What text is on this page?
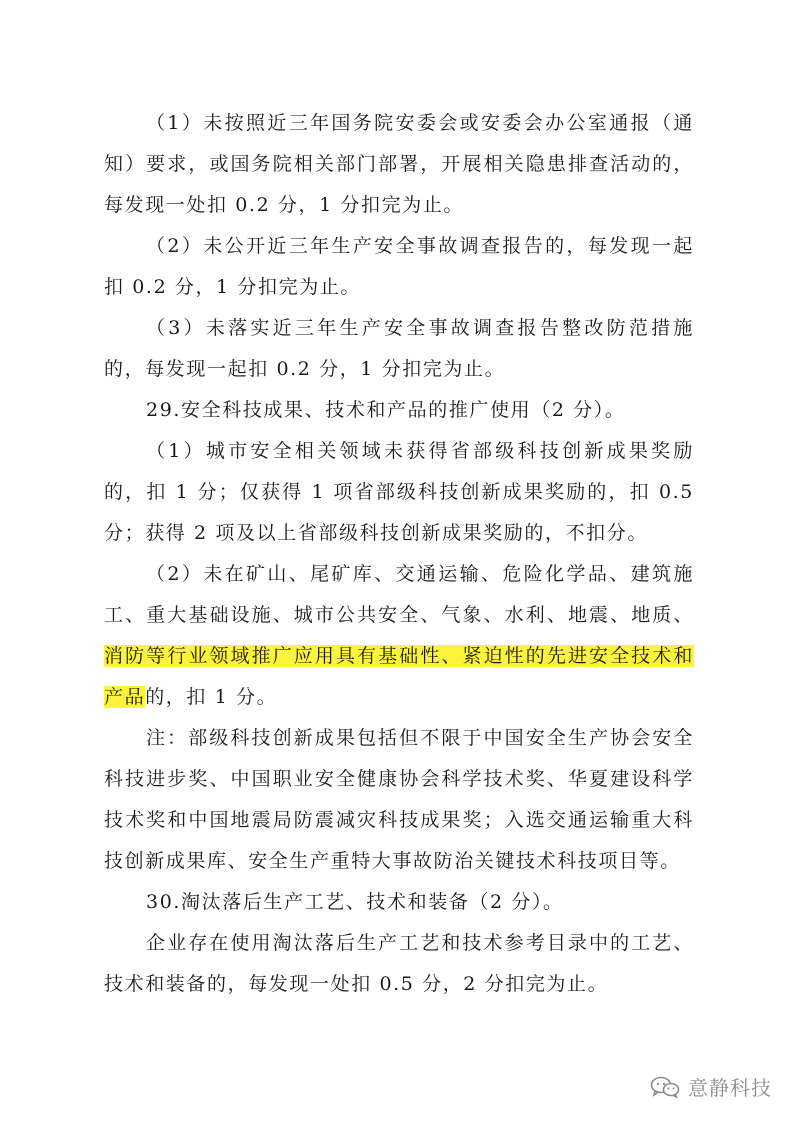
（1）未按照近三年国务院安委会或安委会办公室通报（通知）要求，或国务院相关部门部署，开展相关隐患排查活动的，每发现一处扣 0.2 分，1 分扣完为止。

（2）未公开近三年生产安全事故调查报告的，每发现一起扣 0.2 分，1 分扣完为止。

（3）未落实近三年生产安全事故调查报告整改防范措施的，每发现一起扣 0.2 分，1 分扣完为止。

29.安全科技成果、技术和产品的推广使用（2 分）。

（1）城市安全相关领域未获得省部级科技创新成果奖励的，扣 1 分；仅获得 1 项省部级科技创新成果奖励的，扣 0.5 分；获得 2 项及以上省部级科技创新成果奖励的，不扣分。

（2）未在矿山、尾矿库、交通运输、危险化学品、建筑施工、重大基础设施、城市公共安全、气象、水利、地震、地质、消防等行业领域推广应用具有基础性、紧迫性的先进安全技术和产品的，扣 1 分。

注：部级科技创新成果包括但不限于中国安全生产协会安全科技进步奖、中国职业安全健康协会科学技术奖、华夏建设科学技术奖和中国地震局防震减灾科技成果奖；入选交通运输重大科技创新成果库、安全生产重特大事故防治关键技术科技项目等。

30.淘汰落后生产工艺、技术和装备（2 分）。

企业存在使用淘汰落后生产工艺和技术参考目录中的工艺、技术和装备的，每发现一处扣 0.5 分，2 分扣完为止。

意静科技
